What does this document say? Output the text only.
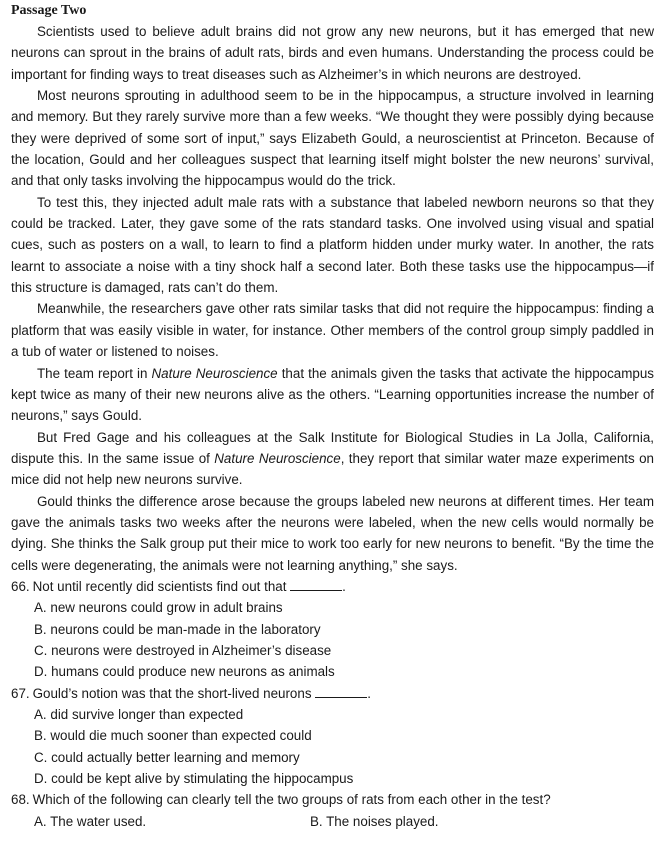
Passage Two

Scientists used to believe adult brains did not grow any new neurons, but it has emerged that new neurons can sprout in the brains of adult rats, birds and even humans. Understanding the process could be important for finding ways to treat diseases such as Alzheimer’s in which neurons are destroyed.

Most neurons sprouting in adulthood seem to be in the hippocampus, a structure involved in learning and memory. But they rarely survive more than a few weeks. “We thought they were possibly dying because they were deprived of some sort of input,” says Elizabeth Gould, a neuroscientist at Princeton. Because of the location, Gould and her colleagues suspect that learning itself might bolster the new neurons’ survival, and that only tasks involving the hippocampus would do the trick.

To test this, they injected adult male rats with a substance that labeled newborn neurons so that they could be tracked. Later, they gave some of the rats standard tasks. One involved using visual and spatial cues, such as posters on a wall, to learn to find a platform hidden under murky water. In another, the rats learnt to associate a noise with a tiny shock half a second later. Both these tasks use the hippocampus—if this structure is damaged, rats can’t do them.

Meanwhile, the researchers gave other rats similar tasks that did not require the hippocampus: finding a platform that was easily visible in water, for instance. Other members of the control group simply paddled in a tub of water or listened to noises.

The team report in Nature Neuroscience that the animals given the tasks that activate the hippocampus kept twice as many of their new neurons alive as the others. “Learning opportunities increase the number of neurons,” says Gould.

But Fred Gage and his colleagues at the Salk Institute for Biological Studies in La Jolla, California, dispute this. In the same issue of Nature Neuroscience, they report that similar water maze experiments on mice did not help new neurons survive.

Gould thinks the difference arose because the groups labeled new neurons at different times. Her team gave the animals tasks two weeks after the neurons were labeled, when the new cells would normally be dying. She thinks the Salk group put their mice to work too early for new neurons to benefit. “By the time the cells were degenerating, the animals were not learning anything,” she says.

66. Not until recently did scientists find out that	.

A. new neurons could grow in adult brains

B. neurons could be man-made in the laboratory

C. neurons were destroyed in Alzheimer’s disease

D. humans could produce new neurons as animals

67. Gould’s notion was that the short-lived neurons	.

A. did survive longer than expected

B. would die much sooner than expected could

C. could actually better learning and memory

D. could be kept alive by stimulating the hippocampus

68. Which of the following can clearly tell the two groups of rats from each other in the test?

A. The water used.	B. The noises played.
